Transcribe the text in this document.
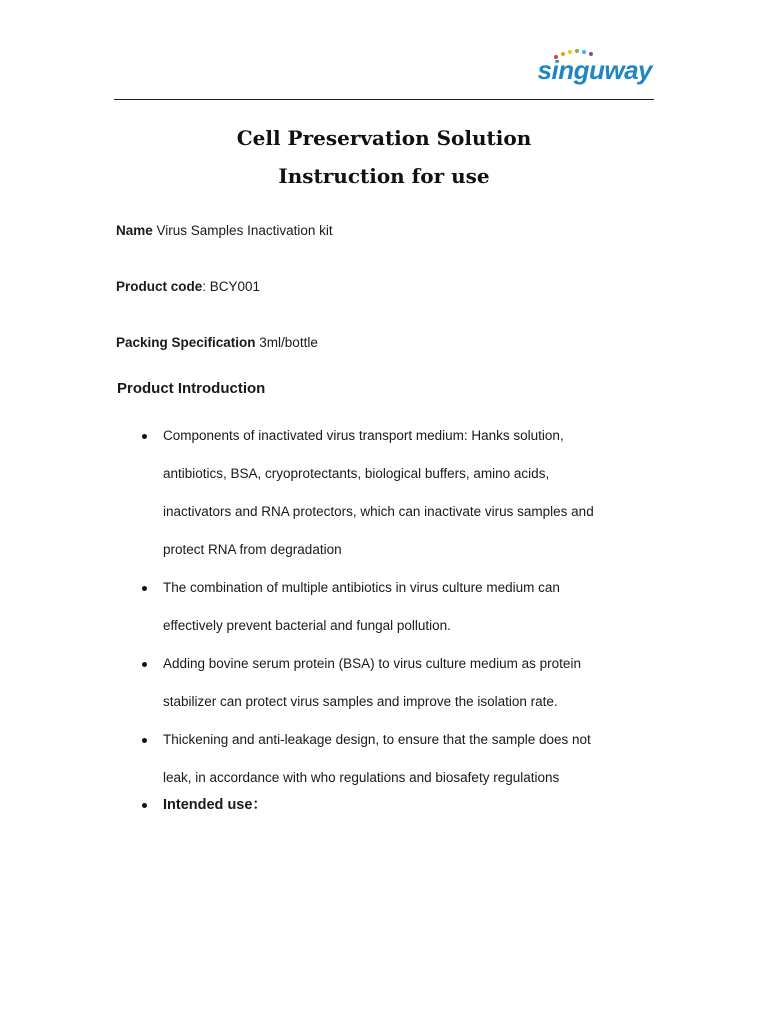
singuway
Cell Preservation Solution
Instruction for use
Name Virus Samples Inactivation kit
Product code: BCY001
Packing Specification 3ml/bottle
Product Introduction
Components of inactivated virus transport medium: Hanks solution,
antibiotics, BSA, cryoprotectants, biological buffers, amino acids,
inactivators and RNA protectors, which can inactivate virus samples and
protect RNA from degradation
The combination of multiple antibiotics in virus culture medium can
effectively prevent bacterial and fungal pollution.
Adding bovine serum protein (BSA) to virus culture medium as protein
stabilizer can protect virus samples and improve the isolation rate.
Thickening and anti-leakage design, to ensure that the sample does not
leak, in accordance with who regulations and biosafety regulations
Intended use：
